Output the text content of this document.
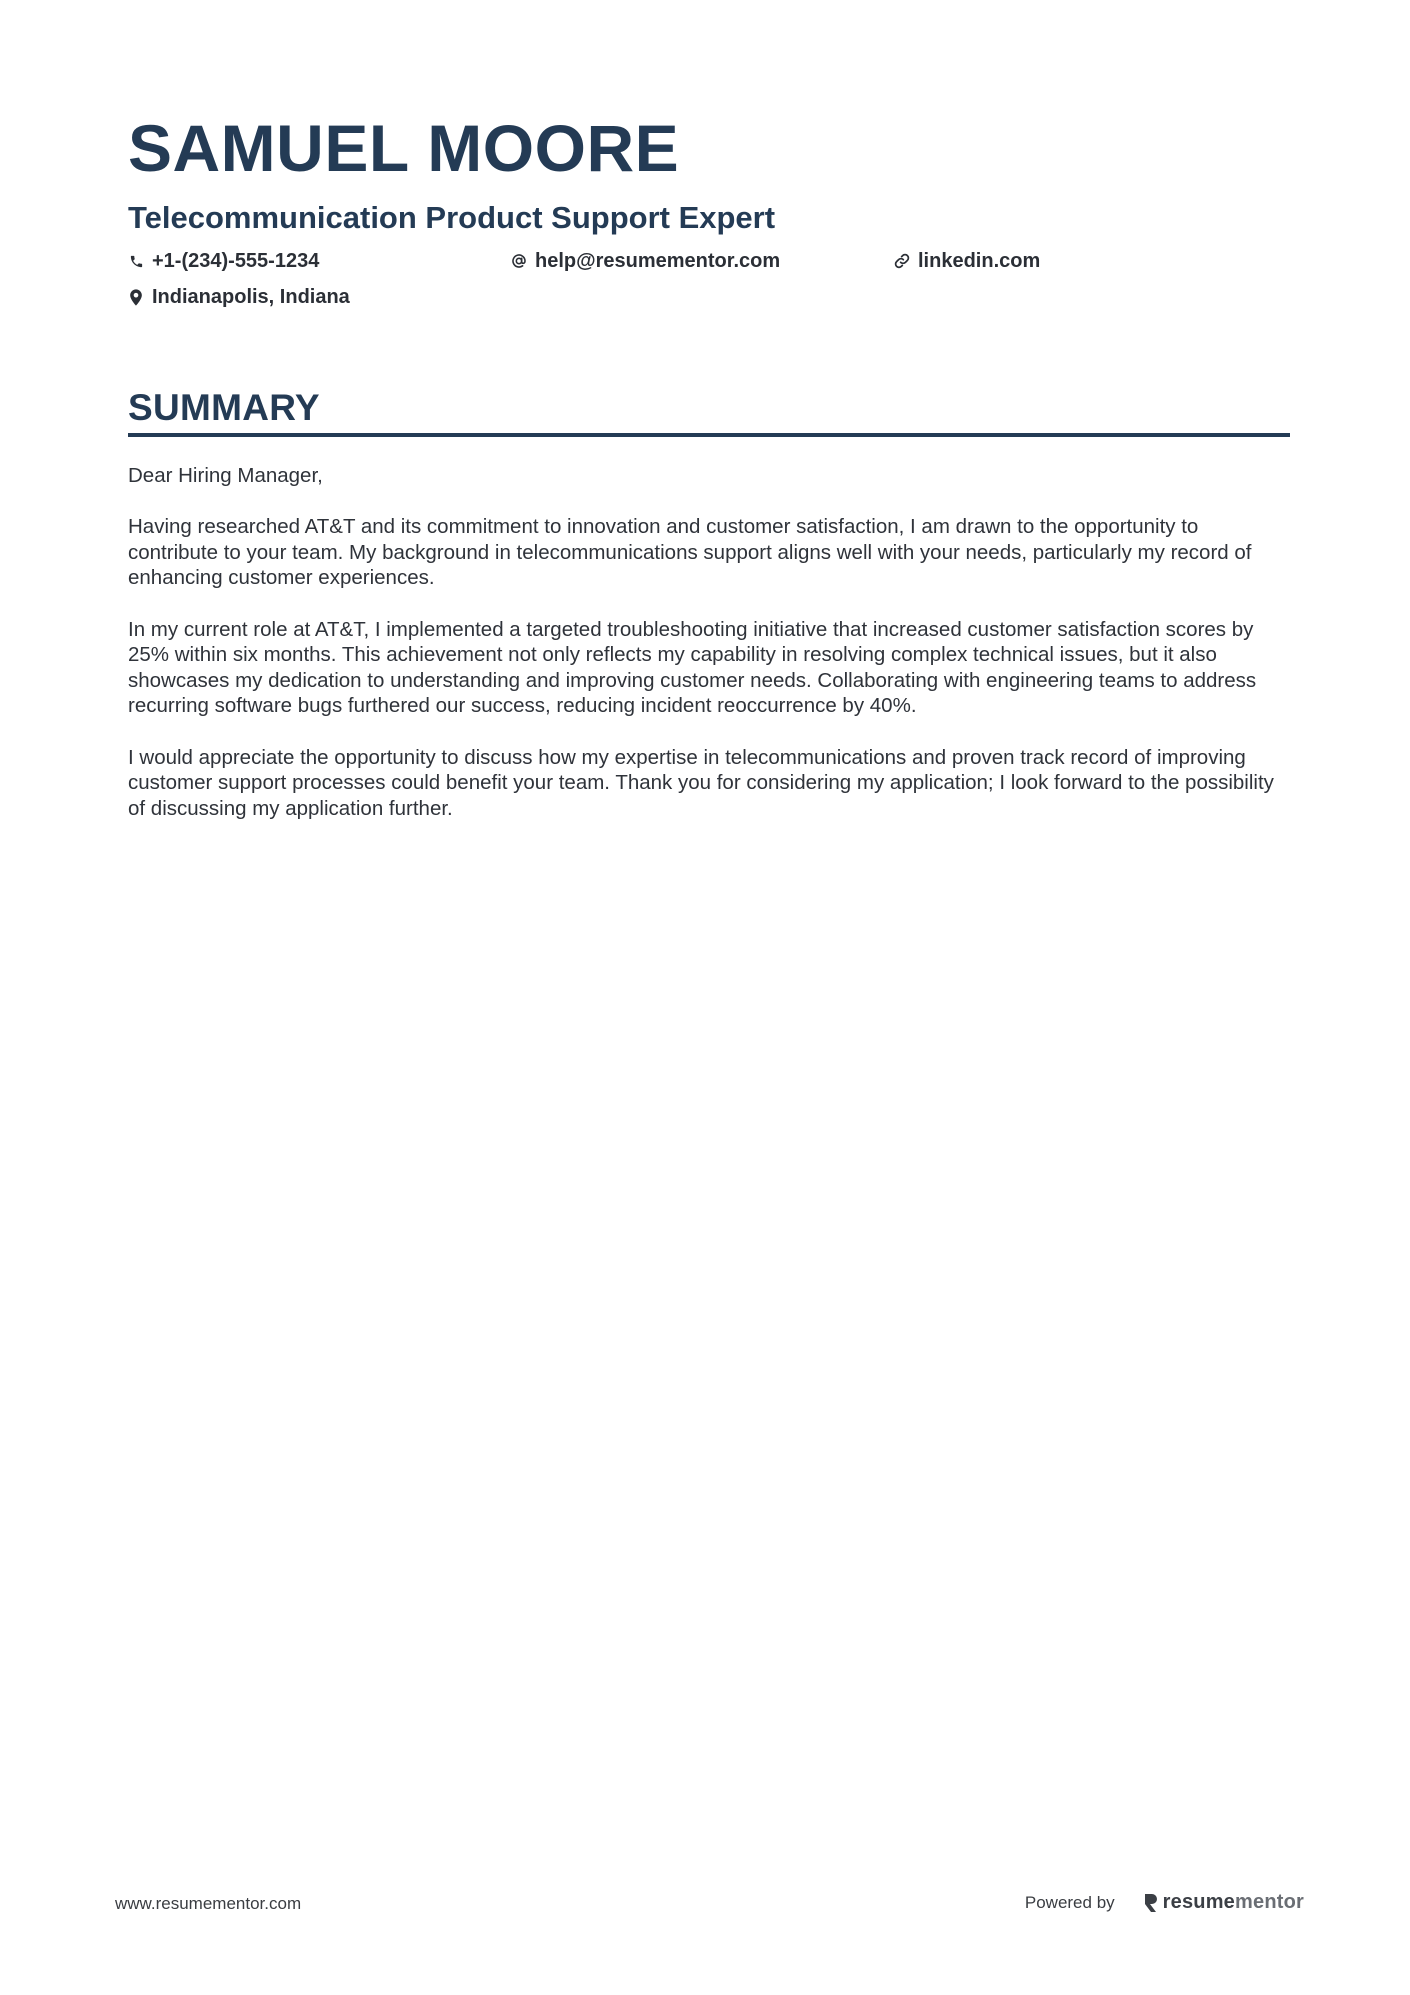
SAMUEL MOORE
Telecommunication Product Support Expert
+1-(234)-555-1234	help@resumementor.com	linkedin.com
Indianapolis, Indiana
SUMMARY

Dear Hiring Manager,

Having researched AT&T and its commitment to innovation and customer satisfaction, I am drawn to the opportunity to contribute to your team. My background in telecommunications support aligns well with your needs, particularly my record of enhancing customer experiences.

In my current role at AT&T, I implemented a targeted troubleshooting initiative that increased customer satisfaction scores by 25% within six months. This achievement not only reflects my capability in resolving complex technical issues, but it also showcases my dedication to understanding and improving customer needs. Collaborating with engineering teams to address recurring software bugs furthered our success, reducing incident reoccurrence by 40%.

I would appreciate the opportunity to discuss how my expertise in telecommunications and proven track record of improving customer support processes could benefit your team. Thank you for considering my application; I look forward to the possibility of discussing my application further.

www.resumementor.com	Powered by resume mentor
